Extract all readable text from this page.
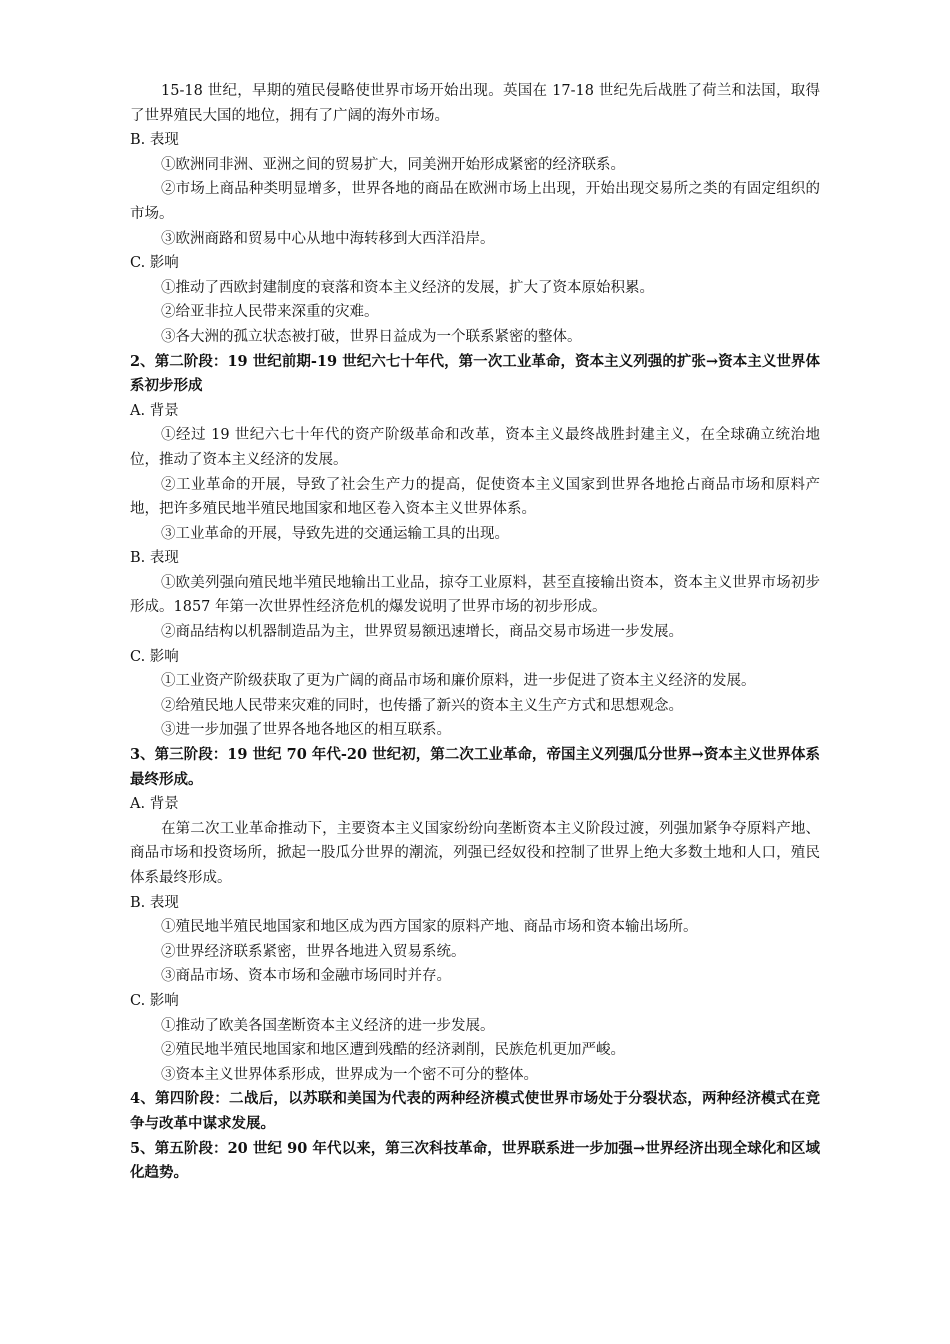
15-18 世纪，早期的殖民侵略使世界市场开始出现。英国在 17-18 世纪先后战胜了荷兰和法国，取得了世界殖民大国的地位，拥有了广阔的海外市场。

B. 表现

①欧洲同非洲、亚洲之间的贸易扩大，同美洲开始形成紧密的经济联系。

②市场上商品种类明显增多，世界各地的商品在欧洲市场上出现，开始出现交易所之类的有固定组织的市场。

③欧洲商路和贸易中心从地中海转移到大西洋沿岸。

C. 影响

①推动了西欧封建制度的衰落和资本主义经济的发展，扩大了资本原始积累。

②给亚非拉人民带来深重的灾难。

③各大洲的孤立状态被打破，世界日益成为一个联系紧密的整体。

2、第二阶段：19 世纪前期-19 世纪六七十年代，第一次工业革命，资本主义列强的扩张→资本主义世界体系初步形成

A. 背景

①经过 19 世纪六七十年代的资产阶级革命和改革，资本主义最终战胜封建主义，在全球确立统治地位，推动了资本主义经济的发展。

②工业革命的开展，导致了社会生产力的提高，促使资本主义国家到世界各地抢占商品市场和原料产地，把许多殖民地半殖民地国家和地区卷入资本主义世界体系。

③工业革命的开展，导致先进的交通运输工具的出现。

B. 表现

①欧美列强向殖民地半殖民地输出工业品，掠夺工业原料，甚至直接输出资本，资本主义世界市场初步形成。1857 年第一次世界性经济危机的爆发说明了世界市场的初步形成。

②商品结构以机器制造品为主，世界贸易额迅速增长，商品交易市场进一步发展。

C. 影响

①工业资产阶级获取了更为广阔的商品市场和廉价原料，进一步促进了资本主义经济的发展。

②给殖民地人民带来灾难的同时，也传播了新兴的资本主义生产方式和思想观念。

③进一步加强了世界各地各地区的相互联系。

3、第三阶段：19 世纪 70 年代-20 世纪初，第二次工业革命，帝国主义列强瓜分世界→资本主义世界体系最终形成。

A. 背景

在第二次工业革命推动下，主要资本主义国家纷纷向垄断资本主义阶段过渡，列强加紧争夺原料产地、商品市场和投资场所，掀起一股瓜分世界的潮流，列强已经奴役和控制了世界上绝大多数土地和人口，殖民体系最终形成。

B. 表现

①殖民地半殖民地国家和地区成为西方国家的原料产地、商品市场和资本输出场所。

②世界经济联系紧密，世界各地进入贸易系统。

③商品市场、资本市场和金融市场同时并存。

C. 影响

①推动了欧美各国垄断资本主义经济的进一步发展。

②殖民地半殖民地国家和地区遭到残酷的经济剥削，民族危机更加严峻。

③资本主义世界体系形成，世界成为一个密不可分的整体。

4、第四阶段：二战后，以苏联和美国为代表的两种经济模式使世界市场处于分裂状态，两种经济模式在竞争与改革中谋求发展。

5、第五阶段：20 世纪 90 年代以来，第三次科技革命，世界联系进一步加强→世界经济出现全球化和区域化趋势。
